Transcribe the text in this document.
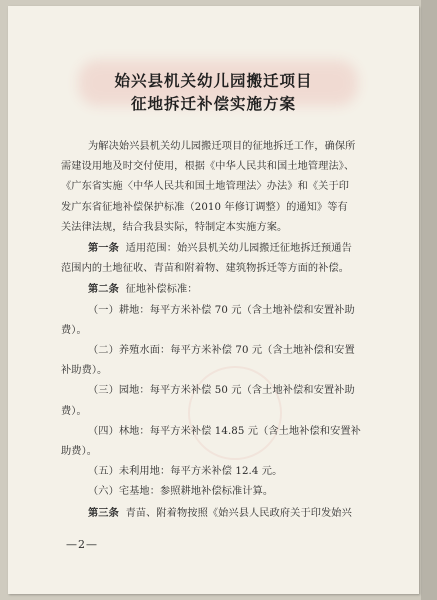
始兴县机关幼儿园搬迁项目
征地拆迁补偿实施方案

为解决始兴县机关幼儿园搬迁项目的征地拆迁工作，确保所

需建设用地及时交付使用，根据《中华人民共和国土地管理法》、

《广东省实施〈中华人民共和国土地管理法〉办法》和《关于印

发广东省征地补偿保护标准（2010 年修订调整）的通知》等有

关法律法规，结合我县实际，特制定本实施方案。

第一条 适用范围：始兴县机关幼儿园搬迁征地拆迁预通告

范围内的土地征收、青苗和附着物、建筑物拆迁等方面的补偿。

第二条 征地补偿标准：

（一）耕地：每平方米补偿 70 元（含土地补偿和安置补助

费）。

（二）养殖水面：每平方米补偿 70 元（含土地补偿和安置

补助费）。

（三）园地：每平方米补偿 50 元（含土地补偿和安置补助

费）。

（四）林地：每平方米补偿 14.85 元（含土地补偿和安置补

助费）。

（五）未利用地：每平方米补偿 12.4 元。

（六）宅基地：参照耕地补偿标准计算。

第三条 青苗、附着物按照《始兴县人民政府关于印发始兴

—2—
